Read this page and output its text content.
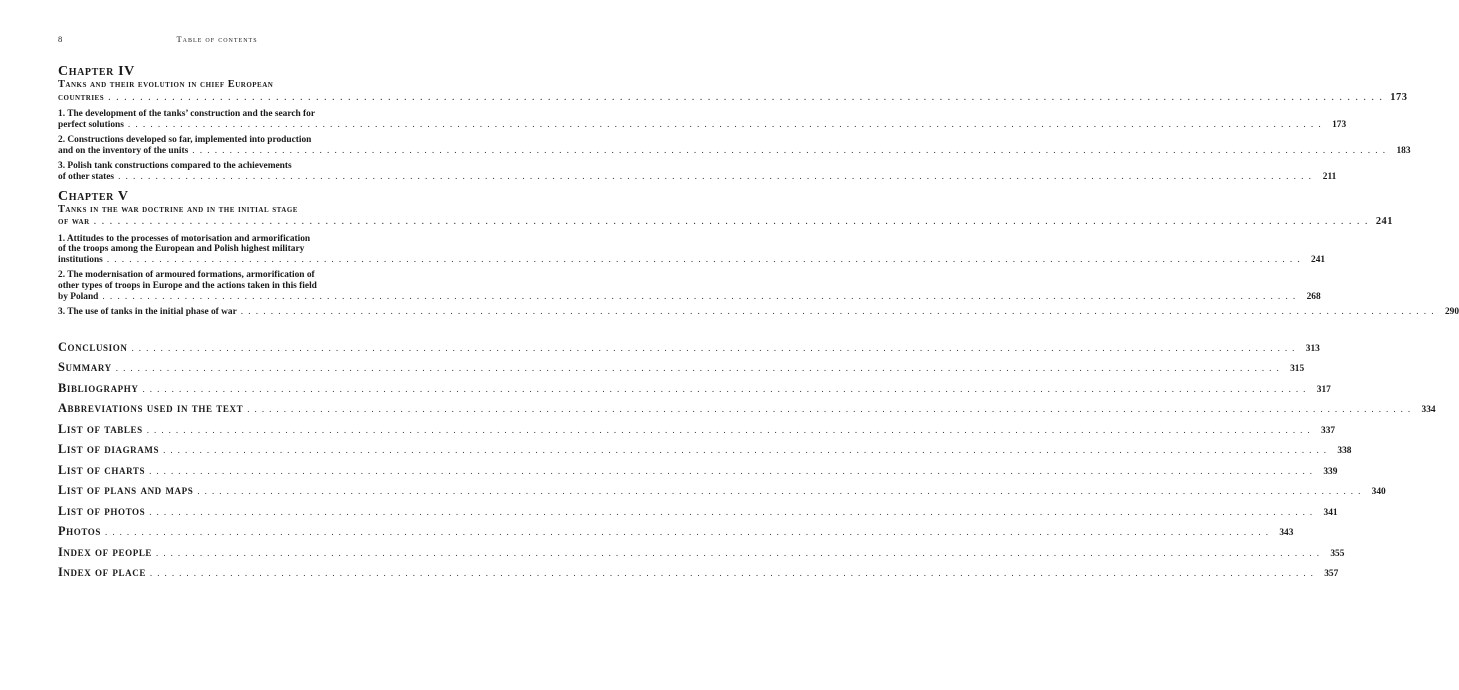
8	Table of contents
Chapter IV
Tanks and their evolution in chief European
countries . . . . . . . . . . . . . . . . . . . . . . . . . . . . . . . . . . . . . . . . . . . . . . . . . . . . . . . . . . . . . . . . . . . . . . . . . . . . . . . . . . . . . . . . . . . . . . . . . . . . . . . . . . . . . . . . . . . . . . . . . . . . . . . . . . . . . . . . . . . . . . . . . . . . . . . . . . . . . . . . 173
1. The development of the tanks’ construction and the search for
perfect solutions . . . . . . . . . . . . . . . . . . . . . . . . . . . . . . . . . . . . . . . . . . . . . . . . . . . . . . . . . . . . . . . . . . . . . . . . . . . . . . . . . . . . . . . . . . . . . . . . . . . . . . . . . . . . . . . . . . . . . . . . . . . . . . . . . . . . . . . . . . . . . . . . . . . . . . . . . . . . . . . .	173
2. Constructions developed so far, implemented into production
and on the inventory of the units . . . . . . . . . . . . . . . . . . . . . . . . . . . . . . . . . . . . . . . . . . . . . . . . . . . . . . . . . . . . . . . . . . . . . . . . . . . . . . . . . . . . . . . . . . . . . . . . . . . . . . . . . . . . . . . . . . . . . . . . . . . . . . . . . . . . . . . . . . . . . . . . . . . . . . . . . . . . . . . .	183
3. Polish tank constructions compared to the achievements
of other states . . . . . . . . . . . . . . . . . . . . . . . . . . . . . . . . . . . . . . . . . . . . . . . . . . . . . . . . . . . . . . . . . . . . . . . . . . . . . . . . . . . . . . . . . . . . . . . . . . . . . . . . . . . . . . . . . . . . . . . . . . . . . . . . . . . . . . . . . . . . . . . . . . . . . . . . . . . . . . . .	211
Chapter V
Tanks in the war doctrine and in the initial stage
of war . . . . . . . . . . . . . . . . . . . . . . . . . . . . . . . . . . . . . . . . . . . . . . . . . . . . . . . . . . . . . . . . . . . . . . . . . . . . . . . . . . . . . . . . . . . . . . . . . . . . . . . . . . . . . . . . . . . . . . . . . . . . . . . . . . . . . . . . . . . . . . . . . . . . . . . . . . . . . . . . 241
1. Attitudes to the processes of motorisation and armorification
of the troops among the European and Polish highest military
institutions . . . . . . . . . . . . . . . . . . . . . . . . . . . . . . . . . . . . . . . . . . . . . . . . . . . . . . . . . . . . . . . . . . . . . . . . . . . . . . . . . . . . . . . . . . . . . . . . . . . . . . . . . . . . . . . . . . . . . . . . . . . . . . . . . . . . . . . . . . . . . . . . . . . . . . . . . . . . . . . .	241
2. The modernisation of armoured formations, armorification of
other types of troops in Europe and the actions taken in this field
by Poland . . . . . . . . . . . . . . . . . . . . . . . . . . . . . . . . . . . . . . . . . . . . . . . . . . . . . . . . . . . . . . . . . . . . . . . . . . . . . . . . . . . . . . . . . . . . . . . . . . . . . . . . . . . . . . . . . . . . . . . . . . . . . . . . . . . . . . . . . . . . . . . . . . . . . . . . . . . . . . . .	268
3. The use of tanks in the initial phase of war . . . . . . . . . . . . . . . . . . . . . . . . . . . . . . . . . . . . . . . . . . . . . . . . . . . . . . . . . . . . . . . . . . . . . . . . . . . . . . . . . . . . . . . . . . . . . . . . . . . . . . . . . . . . . . . . . . . . . . . . . . . . . . . . . . . . . . . . . . . . . . . . . . . . . . . . . . . . . . . .	290
Conclusion . . . . . . . . . . . . . . . . . . . . . . . . . . . . . . . . . . . . . . . . . . . . . . . . . . . . . . . . . . . . . . . . . . . . . . . . . . . . . . . . . . . . . . . . . . . . . . . . . . . . . . . . . . . . . . . . . . . . . . . . . . . . . . . . . . . . . . . . . . . . . . . . . . . . . . . . . . . . . . . .	313
Summary . . . . . . . . . . . . . . . . . . . . . . . . . . . . . . . . . . . . . . . . . . . . . . . . . . . . . . . . . . . . . . . . . . . . . . . . . . . . . . . . . . . . . . . . . . . . . . . . . . . . . . . . . . . . . . . . . . . . . . . . . . . . . . . . . . . . . . . . . . . . . . . . . . . . . . . . . . . . . . . .	315
Bibliography . . . . . . . . . . . . . . . . . . . . . . . . . . . . . . . . . . . . . . . . . . . . . . . . . . . . . . . . . . . . . . . . . . . . . . . . . . . . . . . . . . . . . . . . . . . . . . . . . . . . . . . . . . . . . . . . . . . . . . . . . . . . . . . . . . . . . . . . . . . . . . . . . . . . . . . . . . . . . . . .	317
Abbreviations used in the text . . . . . . . . . . . . . . . . . . . . . . . . . . . . . . . . . . . . . . . . . . . . . . . . . . . . . . . . . . . . . . . . . . . . . . . . . . . . . . . . . . . . . . . . . . . . . . . . . . . . . . . . . . . . . . . . . . . . . . . . . . . . . . . . . . . . . . . . . . . . . . . . . . . . . . . . . . . . . . . .	334
List of tables . . . . . . . . . . . . . . . . . . . . . . . . . . . . . . . . . . . . . . . . . . . . . . . . . . . . . . . . . . . . . . . . . . . . . . . . . . . . . . . . . . . . . . . . . . . . . . . . . . . . . . . . . . . . . . . . . . . . . . . . . . . . . . . . . . . . . . . . . . . . . . . . . . . . . . . . . . . . . . . .	337
List of diagrams . . . . . . . . . . . . . . . . . . . . . . . . . . . . . . . . . . . . . . . . . . . . . . . . . . . . . . . . . . . . . . . . . . . . . . . . . . . . . . . . . . . . . . . . . . . . . . . . . . . . . . . . . . . . . . . . . . . . . . . . . . . . . . . . . . . . . . . . . . . . . . . . . . . . . . . . . . . . . . . .	338
List of charts . . . . . . . . . . . . . . . . . . . . . . . . . . . . . . . . . . . . . . . . . . . . . . . . . . . . . . . . . . . . . . . . . . . . . . . . . . . . . . . . . . . . . . . . . . . . . . . . . . . . . . . . . . . . . . . . . . . . . . . . . . . . . . . . . . . . . . . . . . . . . . . . . . . . . . . . . . . . . . . .	339
List of plans and maps . . . . . . . . . . . . . . . . . . . . . . . . . . . . . . . . . . . . . . . . . . . . . . . . . . . . . . . . . . . . . . . . . . . . . . . . . . . . . . . . . . . . . . . . . . . . . . . . . . . . . . . . . . . . . . . . . . . . . . . . . . . . . . . . . . . . . . . . . . . . . . . . . . . . . . . . . . . . . . . .	340
List of photos . . . . . . . . . . . . . . . . . . . . . . . . . . . . . . . . . . . . . . . . . . . . . . . . . . . . . . . . . . . . . . . . . . . . . . . . . . . . . . . . . . . . . . . . . . . . . . . . . . . . . . . . . . . . . . . . . . . . . . . . . . . . . . . . . . . . . . . . . . . . . . . . . . . . . . . . . . . . . . . .	341
Photos . . . . . . . . . . . . . . . . . . . . . . . . . . . . . . . . . . . . . . . . . . . . . . . . . . . . . . . . . . . . . . . . . . . . . . . . . . . . . . . . . . . . . . . . . . . . . . . . . . . . . . . . . . . . . . . . . . . . . . . . . . . . . . . . . . . . . . . . . . . . . . . . . . . . . . . . . . . . . . . .	343
Index of people . . . . . . . . . . . . . . . . . . . . . . . . . . . . . . . . . . . . . . . . . . . . . . . . . . . . . . . . . . . . . . . . . . . . . . . . . . . . . . . . . . . . . . . . . . . . . . . . . . . . . . . . . . . . . . . . . . . . . . . . . . . . . . . . . . . . . . . . . . . . . . . . . . . . . . . . . . . . . . . .	355
Index of place . . . . . . . . . . . . . . . . . . . . . . . . . . . . . . . . . . . . . . . . . . . . . . . . . . . . . . . . . . . . . . . . . . . . . . . . . . . . . . . . . . . . . . . . . . . . . . . . . . . . . . . . . . . . . . . . . . . . . . . . . . . . . . . . . . . . . . . . . . . . . . . . . . . . . . . . . . . . . . . .	357
